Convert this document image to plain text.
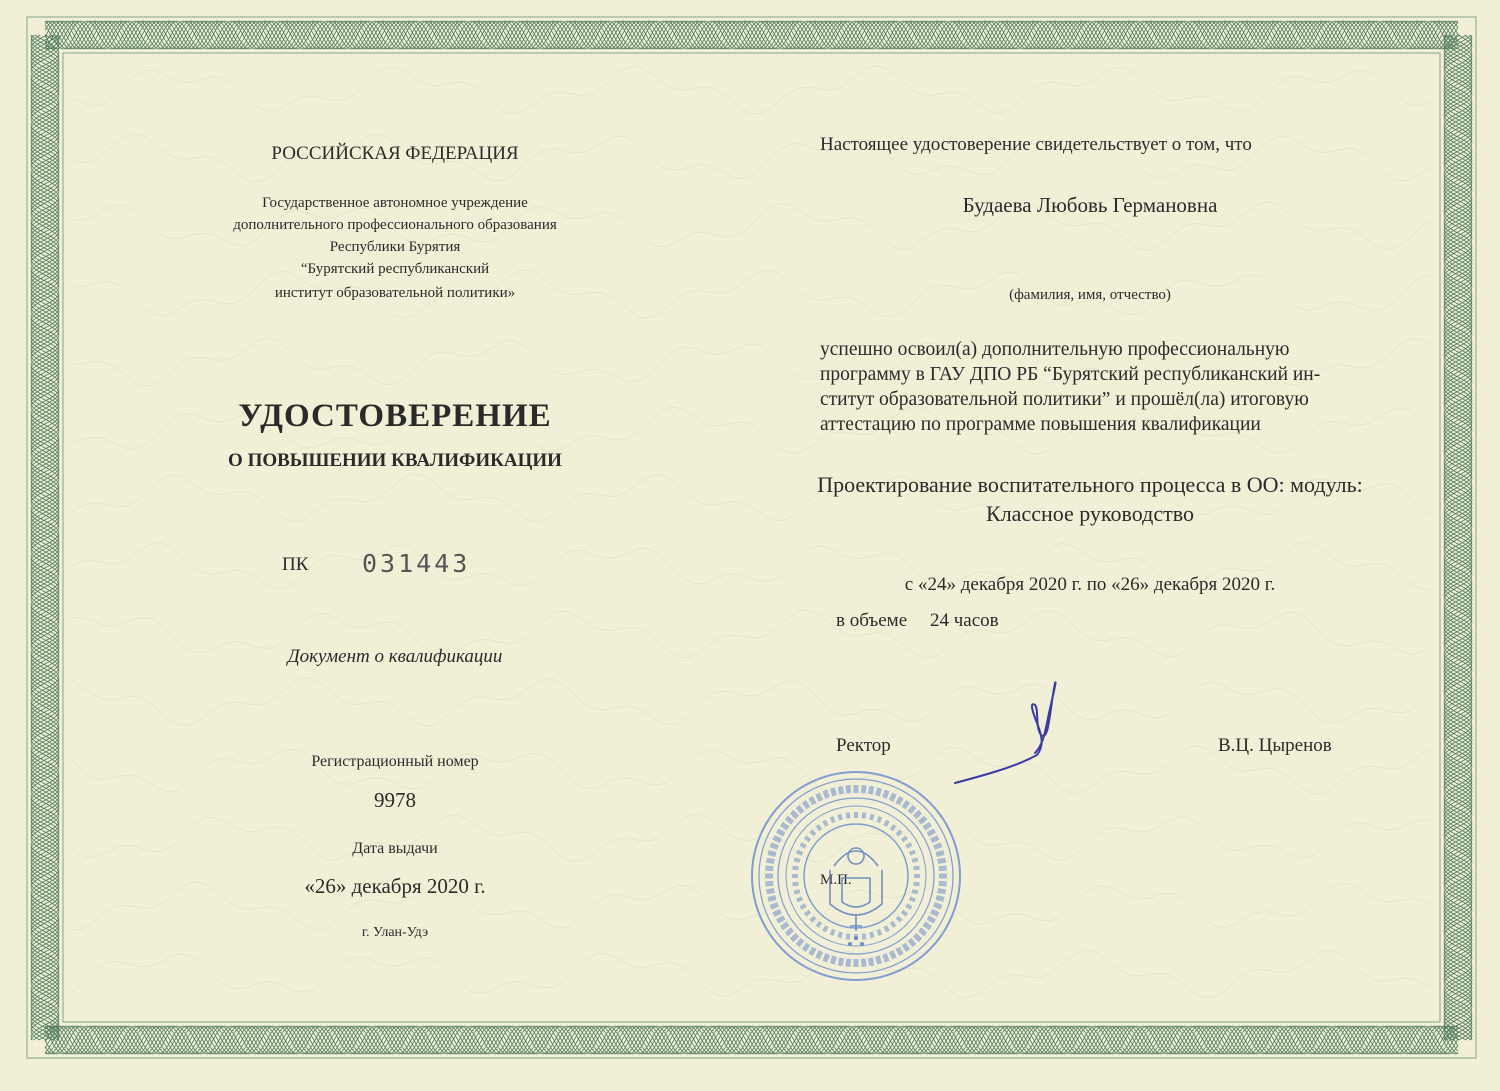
РОССИЙСКАЯ ФЕДЕРАЦИЯ
Государственное автономное учреждение
дополнительного профессионального образования
Республики Бурятия
“Бурятский республиканский
институт образовательной политики»
УДОСТОВЕРЕНИЕ
О ПОВЫШЕНИИ КВАЛИФИКАЦИИ
ПК 031443
Документ о квалификации
Регистрационный номер
9978
Дата выдачи
«26» декабря 2020 г.
г. Улан-Удэ
Настоящее удостоверение свидетельствует о том, что
Будаева Любовь Германовна
(фамилия, имя, отчество)
успешно освоил(а) дополнительную профессиональную
программу в ГАУ ДПО РБ “Бурятский республиканский ин-
ститут образовательной политики” и прошёл(ла) итоговую
аттестацию по программе повышения квалификации
Проектирование воспитательного процесса в ОО: модуль:
Классное руководство
с «24» декабря 2020 г. по «26» декабря 2020 г.
в объеме 24 часов
Ректор	В.Ц. Цыренов
М.П.
